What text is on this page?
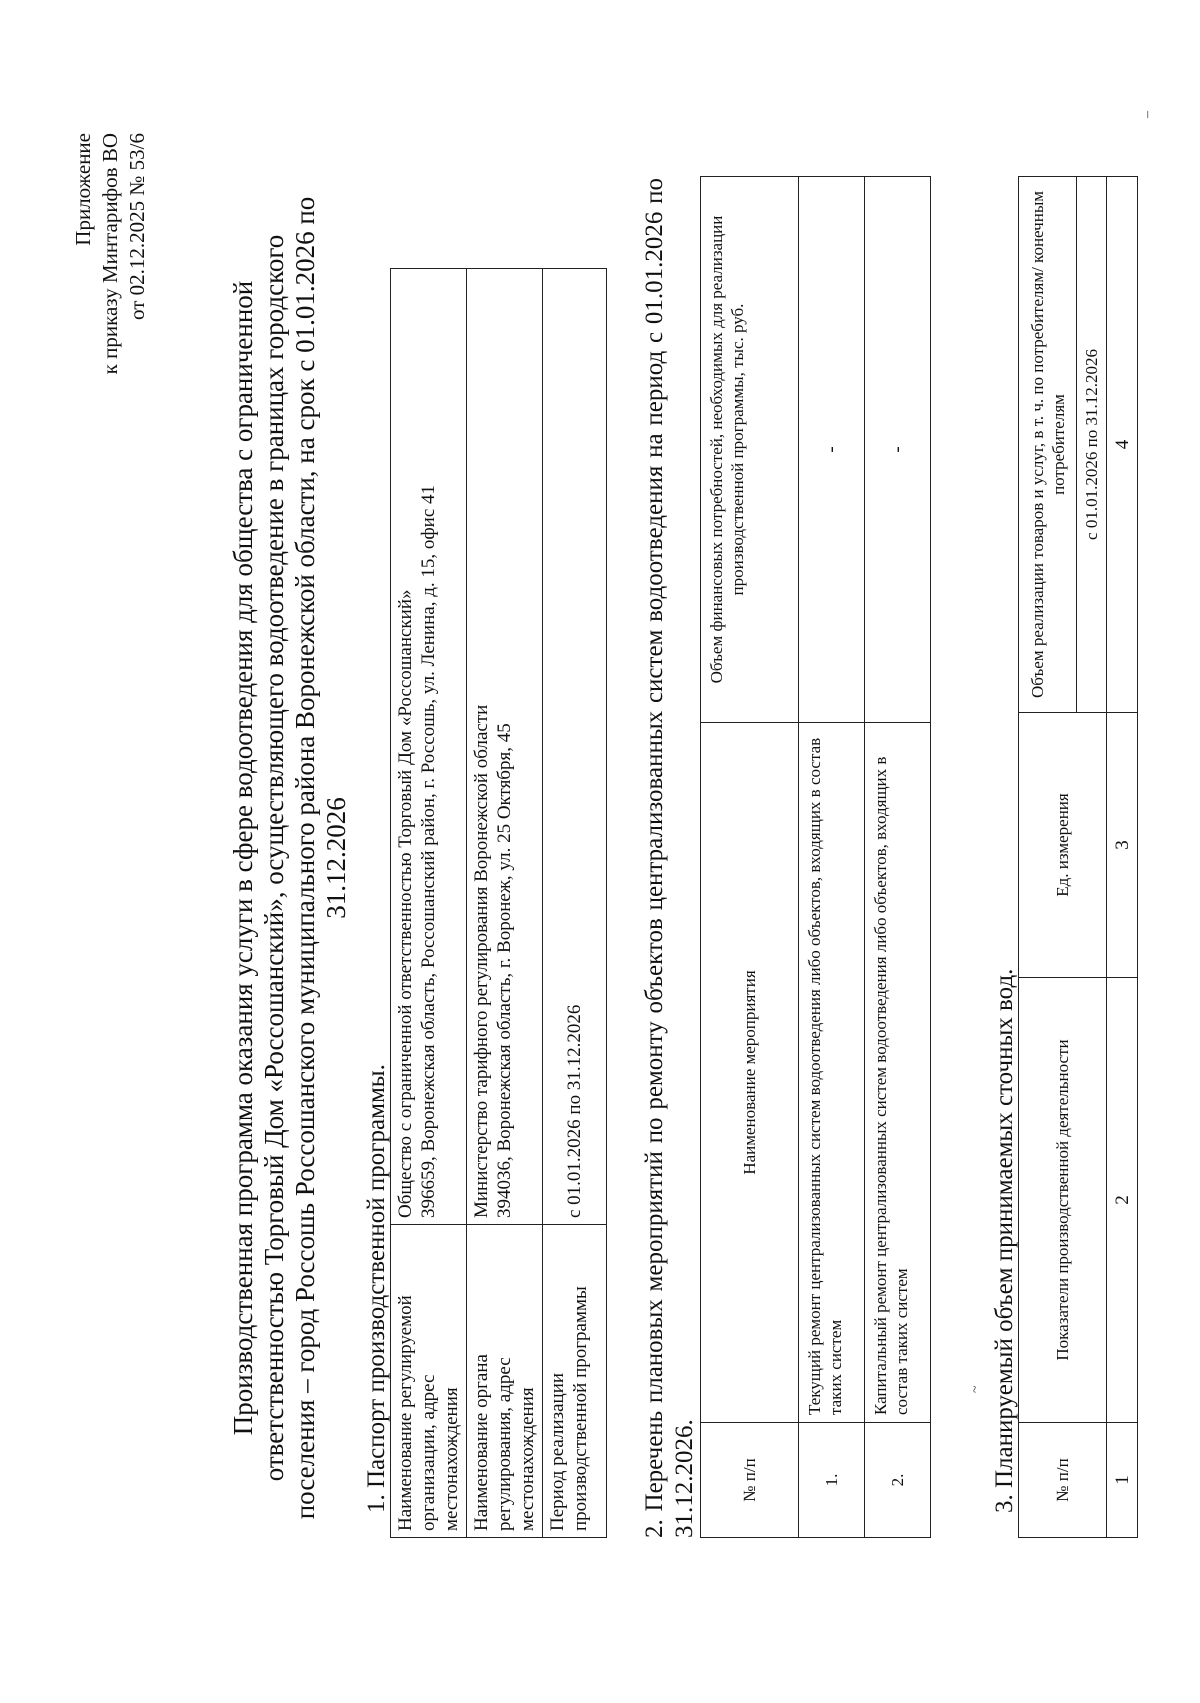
Приложение к приказу Минтарифов ВО от 02.12.2025 № 53/6
Производственная программа оказания услуги в сфере водоотведения для общества с ограниченной ответственностью Торговый Дом «Россошанский», осуществляющего водоотведение в границах городского поселения – город Россошь Россошанского муниципального района Воронежской области, на срок с 01.01.2026 по 31.12.2026
1. Паспорт производственной программы. Наименование регулируемой организации, адрес местонахождения	Общество с ограниченной ответственностью Торговый Дом «Россошанский» 396659, Воронежская область, Россошанский район, г. Россошь, ул. Ленина, д. 15, офис 41

Наименование органа регулирования, адрес местонахождения	Министерство тарифного регулирования Воронежской области 394036, Воронежская область, г. Воронеж, ул. 25 Октября, 45

Период реализации производственной программы	с 01.01.2026 по 31.12.2026 2. Перечень плановых мероприятий по ремонту объектов централизованных систем водоотведения на период с 01.01.2026 по 31.12.2026. № п/п	Наименование мероприятия	Объем финансовых потребностей, необходимых для реализации производственной программы, тыс. руб.
1.	Текущий ремонт централизованных систем водоотведения либо объектов, входящих в состав таких систем	-
2.	Капитальный ремонт централизованных систем водоотведения либо объектов, входящих в состав таких систем	-
~ 3. Планируемый объем принимаемых сточных вод. № п/п	Показатели производственной деятельности	Ед. измерения	Объем реализации товаров и услуг, в т. ч. по потребителям/ конечным потребителям
			с 01.01.2026 по 31.12.2026
1	2	3	4
–
